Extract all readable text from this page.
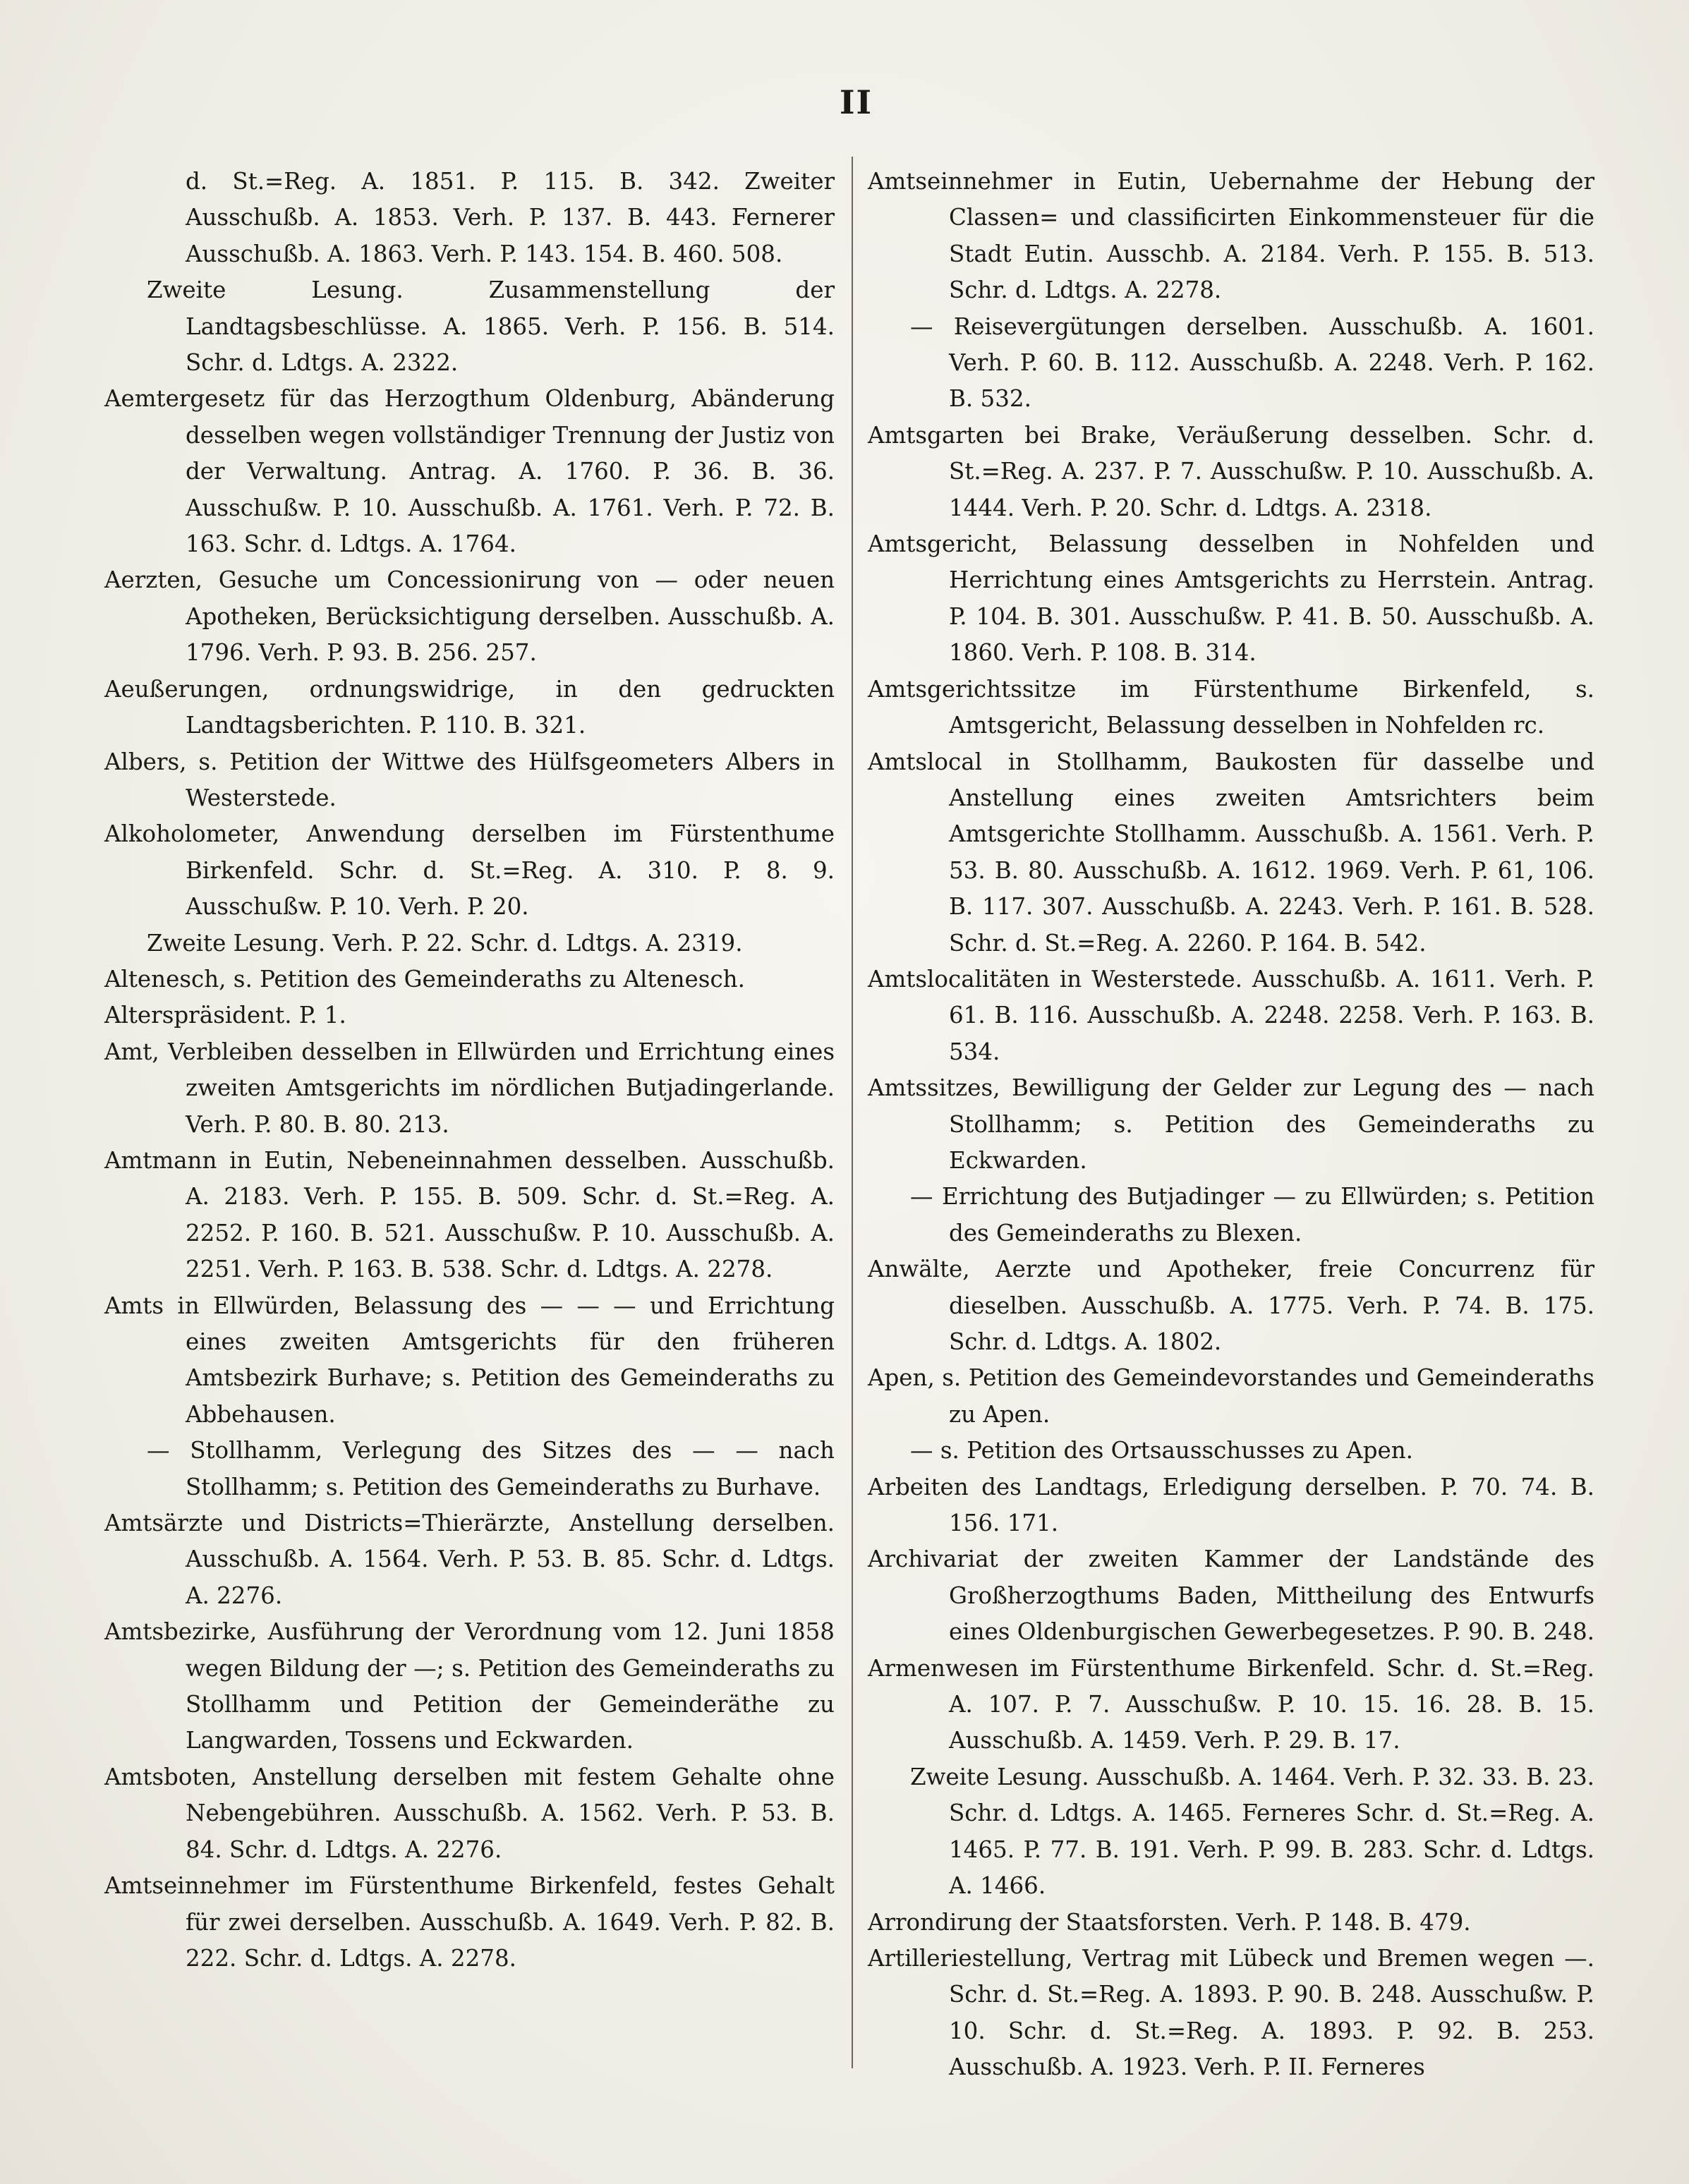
II

d. St.=Reg. A. 1851. P. 115. B. 342. Zweiter Ausschußb. A. 1853. Verh. P. 137. B. 443. Fernerer Ausschußb. A. 1863. Verh. P. 143. 154. B. 460. 508.

Zweite Lesung. Zusammenstellung der Landtagsbeschlüsse. A. 1865. Verh. P. 156. B. 514. Schr. d. Ldtgs. A. 2322.

Aemtergesetz für das Herzogthum Oldenburg, Abänderung desselben wegen vollständiger Trennung der Justiz von der Verwaltung. Antrag. A. 1760. P. 36. B. 36. Ausschußw. P. 10. Ausschußb. A. 1761. Verh. P. 72. B. 163. Schr. d. Ldtgs. A. 1764.

Aerzten, Gesuche um Concessionirung von — oder neuen Apotheken, Berücksichtigung derselben. Ausschußb. A. 1796. Verh. P. 93. B. 256. 257.

Aeußerungen, ordnungswidrige, in den gedruckten Landtagsberichten. P. 110. B. 321.

Albers, s. Petition der Wittwe des Hülfsgeometers Albers in Westerstede.

Alkoholometer, Anwendung derselben im Fürstenthume Birkenfeld. Schr. d. St.=Reg. A. 310. P. 8. 9. Ausschußw. P. 10. Verh. P. 20.

Zweite Lesung. Verh. P. 22. Schr. d. Ldtgs. A. 2319.

Altenesch, s. Petition des Gemeinderaths zu Altenesch.

Alterspräsident. P. 1.

Amt, Verbleiben desselben in Ellwürden und Errichtung eines zweiten Amtsgerichts im nördlichen Butjadingerlande. Verh. P. 80. B. 80. 213.

Amtmann in Eutin, Nebeneinnahmen desselben. Ausschußb. A. 2183. Verh. P. 155. B. 509. Schr. d. St.=Reg. A. 2252. P. 160. B. 521. Ausschußw. P. 10. Ausschußb. A. 2251. Verh. P. 163. B. 538. Schr. d. Ldtgs. A. 2278.

Amts in Ellwürden, Belassung des — — — und Errichtung eines zweiten Amtsgerichts für den früheren Amtsbezirk Burhave; s. Petition des Gemeinderaths zu Abbehausen.

— Stollhamm, Verlegung des Sitzes des — — nach Stollhamm; s. Petition des Gemeinderaths zu Burhave.

Amtsärzte und Districts=Thierärzte, Anstellung derselben. Ausschußb. A. 1564. Verh. P. 53. B. 85. Schr. d. Ldtgs. A. 2276.

Amtsbezirke, Ausführung der Verordnung vom 12. Juni 1858 wegen Bildung der —; s. Petition des Gemeinderaths zu Stollhamm und Petition der Gemeinderäthe zu Langwarden, Tossens und Eckwarden.

Amtsboten, Anstellung derselben mit festem Gehalte ohne Nebengebühren. Ausschußb. A. 1562. Verh. P. 53. B. 84. Schr. d. Ldtgs. A. 2276.

Amtseinnehmer im Fürstenthume Birkenfeld, festes Gehalt für zwei derselben. Ausschußb. A. 1649. Verh. P. 82. B. 222. Schr. d. Ldtgs. A. 2278.

Amtseinnehmer in Eutin, Uebernahme der Hebung der Classen= und classificirten Einkommensteuer für die Stadt Eutin. Ausschb. A. 2184. Verh. P. 155. B. 513. Schr. d. Ldtgs. A. 2278.

— Reisevergütungen derselben. Ausschußb. A. 1601. Verh. P. 60. B. 112. Ausschußb. A. 2248. Verh. P. 162. B. 532.

Amtsgarten bei Brake, Veräußerung desselben. Schr. d. St.=Reg. A. 237. P. 7. Ausschußw. P. 10. Ausschußb. A. 1444. Verh. P. 20. Schr. d. Ldtgs. A. 2318.

Amtsgericht, Belassung desselben in Nohfelden und Herrichtung eines Amtsgerichts zu Herrstein. Antrag. P. 104. B. 301. Ausschußw. P. 41. B. 50. Ausschußb. A. 1860. Verh. P. 108. B. 314.

Amtsgerichtssitze im Fürstenthume Birkenfeld, s. Amtsgericht, Belassung desselben in Nohfelden rc.

Amtslocal in Stollhamm, Baukosten für dasselbe und Anstellung eines zweiten Amtsrichters beim Amtsgerichte Stollhamm. Ausschußb. A. 1561. Verh. P. 53. B. 80. Ausschußb. A. 1612. 1969. Verh. P. 61, 106. B. 117. 307. Ausschußb. A. 2243. Verh. P. 161. B. 528. Schr. d. St.=Reg. A. 2260. P. 164. B. 542.

Amtslocalitäten in Westerstede. Ausschußb. A. 1611. Verh. P. 61. B. 116. Ausschußb. A. 2248. 2258. Verh. P. 163. B. 534.

Amtssitzes, Bewilligung der Gelder zur Legung des — nach Stollhamm; s. Petition des Gemeinderaths zu Eckwarden.

— Errichtung des Butjadinger — zu Ellwürden; s. Petition des Gemeinderaths zu Blexen.

Anwälte, Aerzte und Apotheker, freie Concurrenz für dieselben. Ausschußb. A. 1775. Verh. P. 74. B. 175. Schr. d. Ldtgs. A. 1802.

Apen, s. Petition des Gemeindevorstandes und Gemeinderaths zu Apen.

— s. Petition des Ortsausschusses zu Apen.

Arbeiten des Landtags, Erledigung derselben. P. 70. 74. B. 156. 171.

Archivariat der zweiten Kammer der Landstände des Großherzogthums Baden, Mittheilung des Entwurfs eines Oldenburgischen Gewerbegesetzes. P. 90. B. 248.

Armenwesen im Fürstenthume Birkenfeld. Schr. d. St.=Reg. A. 107. P. 7. Ausschußw. P. 10. 15. 16. 28. B. 15. Ausschußb. A. 1459. Verh. P. 29. B. 17.

Zweite Lesung. Ausschußb. A. 1464. Verh. P. 32. 33. B. 23. Schr. d. Ldtgs. A. 1465. Ferneres Schr. d. St.=Reg. A. 1465. P. 77. B. 191. Verh. P. 99. B. 283. Schr. d. Ldtgs. A. 1466.

Arrondirung der Staatsforsten. Verh. P. 148. B. 479.

Artilleriestellung, Vertrag mit Lübeck und Bremen wegen —. Schr. d. St.=Reg. A. 1893. P. 90. B. 248. Ausschußw. P. 10. Schr. d. St.=Reg. A. 1893. P. 92. B. 253. Ausschußb. A. 1923. Verh. P. II. Ferneres
